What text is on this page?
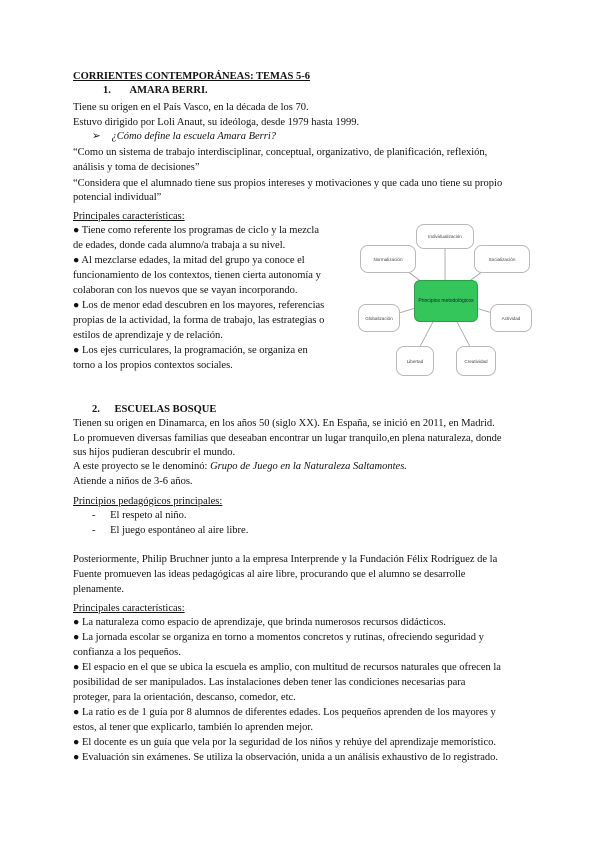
CORRIENTES CONTEMPORÁNEAS: TEMAS 5-6
1. AMARA BERRI.
Tiene su origen en el País Vasco, en la década de los 70.
Estuvo dirigido por Loli Anaut, su ideóloga, desde 1979 hasta 1999.
➢ ¿Cómo define la escuela Amara Berri?
“Como un sistema de trabajo interdisciplinar, conceptual, organizativo, de planificación, reflexión,
análisis y toma de decisiones”
“Considera que el alumnado tiene sus propios intereses y motivaciones y que cada uno tiene su propio
potencial individual”
Principales características:
● Tiene como referente los programas de ciclo y la mezcla
de edades, donde cada alumno/a trabaja a su nivel.
● Al mezclarse edades, la mitad del grupo ya conoce el
funcionamiento de los contextos, tienen cierta autonomía y
colaboran con los nuevos que se vayan incorporando.
● Los de menor edad descubren en los mayores, referencias
propias de la actividad, la forma de trabajo, las estrategias o
estilos de aprendizaje y de relación.
● Los ejes curriculares, la programación, se organiza en
torno a los propios contextos sociales.
Individualización
Normalización	Socialización
Principios metodológicos
Globalización	Actividad
Libertad	Creatividad
2. ESCUELAS BOSQUE
Tienen su origen en Dinamarca, en los años 50 (siglo XX). En España, se inició en 2011, en Madrid.
Lo promueven diversas familias que deseaban encontrar un lugar tranquilo,en plena naturaleza, donde
sus hijos pudieran descubrir el mundo.
A este proyecto se le denominó: Grupo de Juego en la Naturaleza Saltamontes.
Atiende a niños de 3-6 años.
Principios pedagógicos principales:
- El respeto al niño.
- El juego espontáneo al aire libre.
Posteriormente, Philip Bruchner junto a la empresa Interprende y la Fundación Félix Rodríguez de la
Fuente promueven las ideas pedagógicas al aire libre, procurando que el alumno se desarrolle
plenamente.
Principales características:
● La naturaleza como espacio de aprendizaje, que brinda numerosos recursos didácticos.
● La jornada escolar se organiza en torno a momentos concretos y rutinas, ofreciendo seguridad y
confianza a los pequeños.
● El espacio en el que se ubica la escuela es amplio, con multitud de recursos naturales que ofrecen la
posibilidad de ser manipulados. Las instalaciones deben tener las condiciones necesarias para
proteger, para la orientación, descanso, comedor, etc.
● La ratio es de 1 guía por 8 alumnos de diferentes edades. Los pequeños aprenden de los mayores y
estos, al tener que explicarlo, también lo aprenden mejor.
● El docente es un guía que vela por la seguridad de los niños y rehúye del aprendizaje memorístico.
● Evaluación sin exámenes. Se utiliza la observación, unida a un análisis exhaustivo de lo registrado.
